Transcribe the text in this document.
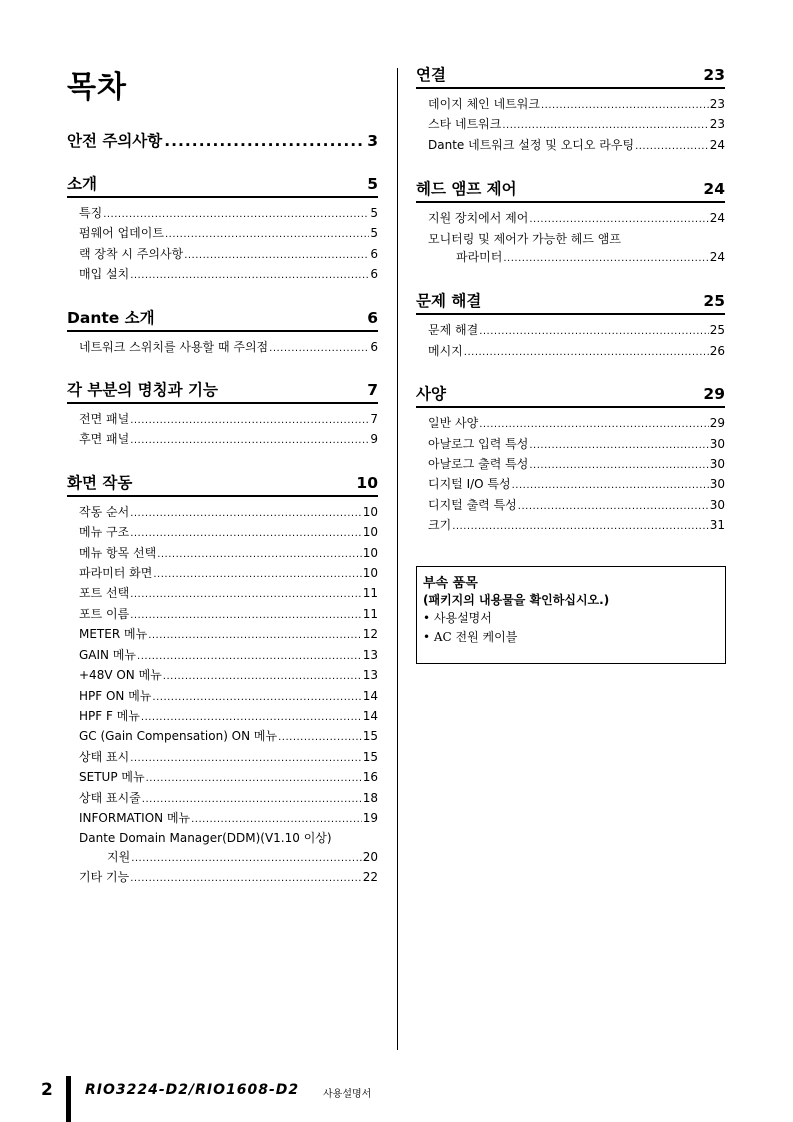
목차
안전 주의사항 .....	3
소개	5
특징 .....	5
펌웨어 업데이트 .....	5
랙 장착 시 주의사항 .....	6
매입 설치 .....	6
Dante 소개	6
네트워크 스위치를 사용할 때 주의점 .....	6
각 부분의 명칭과 기능	7
전면 패널 .....	7
후면 패널 .....	9
화면 작동	10
작동 순서 .....	10
메뉴 구조 .....	10
메뉴 항목 선택 .....	10
파라미터 화면 .....	10
포트 선택 .....	11
포트 이름 .....	11
METER 메뉴 .....	12
GAIN 메뉴 .....	13
+48V ON 메뉴 .....	13
HPF ON 메뉴 .....	14
HPF F 메뉴 .....	14
GC (Gain Compensation) ON 메뉴 .....	15
상태 표시 .....	15
SETUP 메뉴 .....	16
상태 표시줄 .....	18
INFORMATION 메뉴 .....	19
Dante Domain Manager(DDM)(V1.10 이상)
지원 .....	20
기타 기능 .....	22
연결	23
데이지 체인 네트워크 .....	23
스타 네트워크 .....	23
Dante 네트워크 설정 및 오디오 라우팅 .....	24
헤드 앰프 제어	24
지원 장치에서 제어 .....	24
모니터링 및 제어가 가능한 헤드 앰프
파라미터 .....	24
문제 해결	25
문제 해결 .....	25
메시지 .....	26
사양	29
일반 사양 .....	29
아날로그 입력 특성 .....	30
아날로그 출력 특성 .....	30
디지털 I/O 특성 .....	30
디지털 출력 특성 .....	30
크기 .....	31
부속 품목
(패키지의 내용물을 확인하십시오.)
• 사용설명서
• AC 전원 케이블
2 RIO3224-D2/RIO1608-D2 사용설명서
